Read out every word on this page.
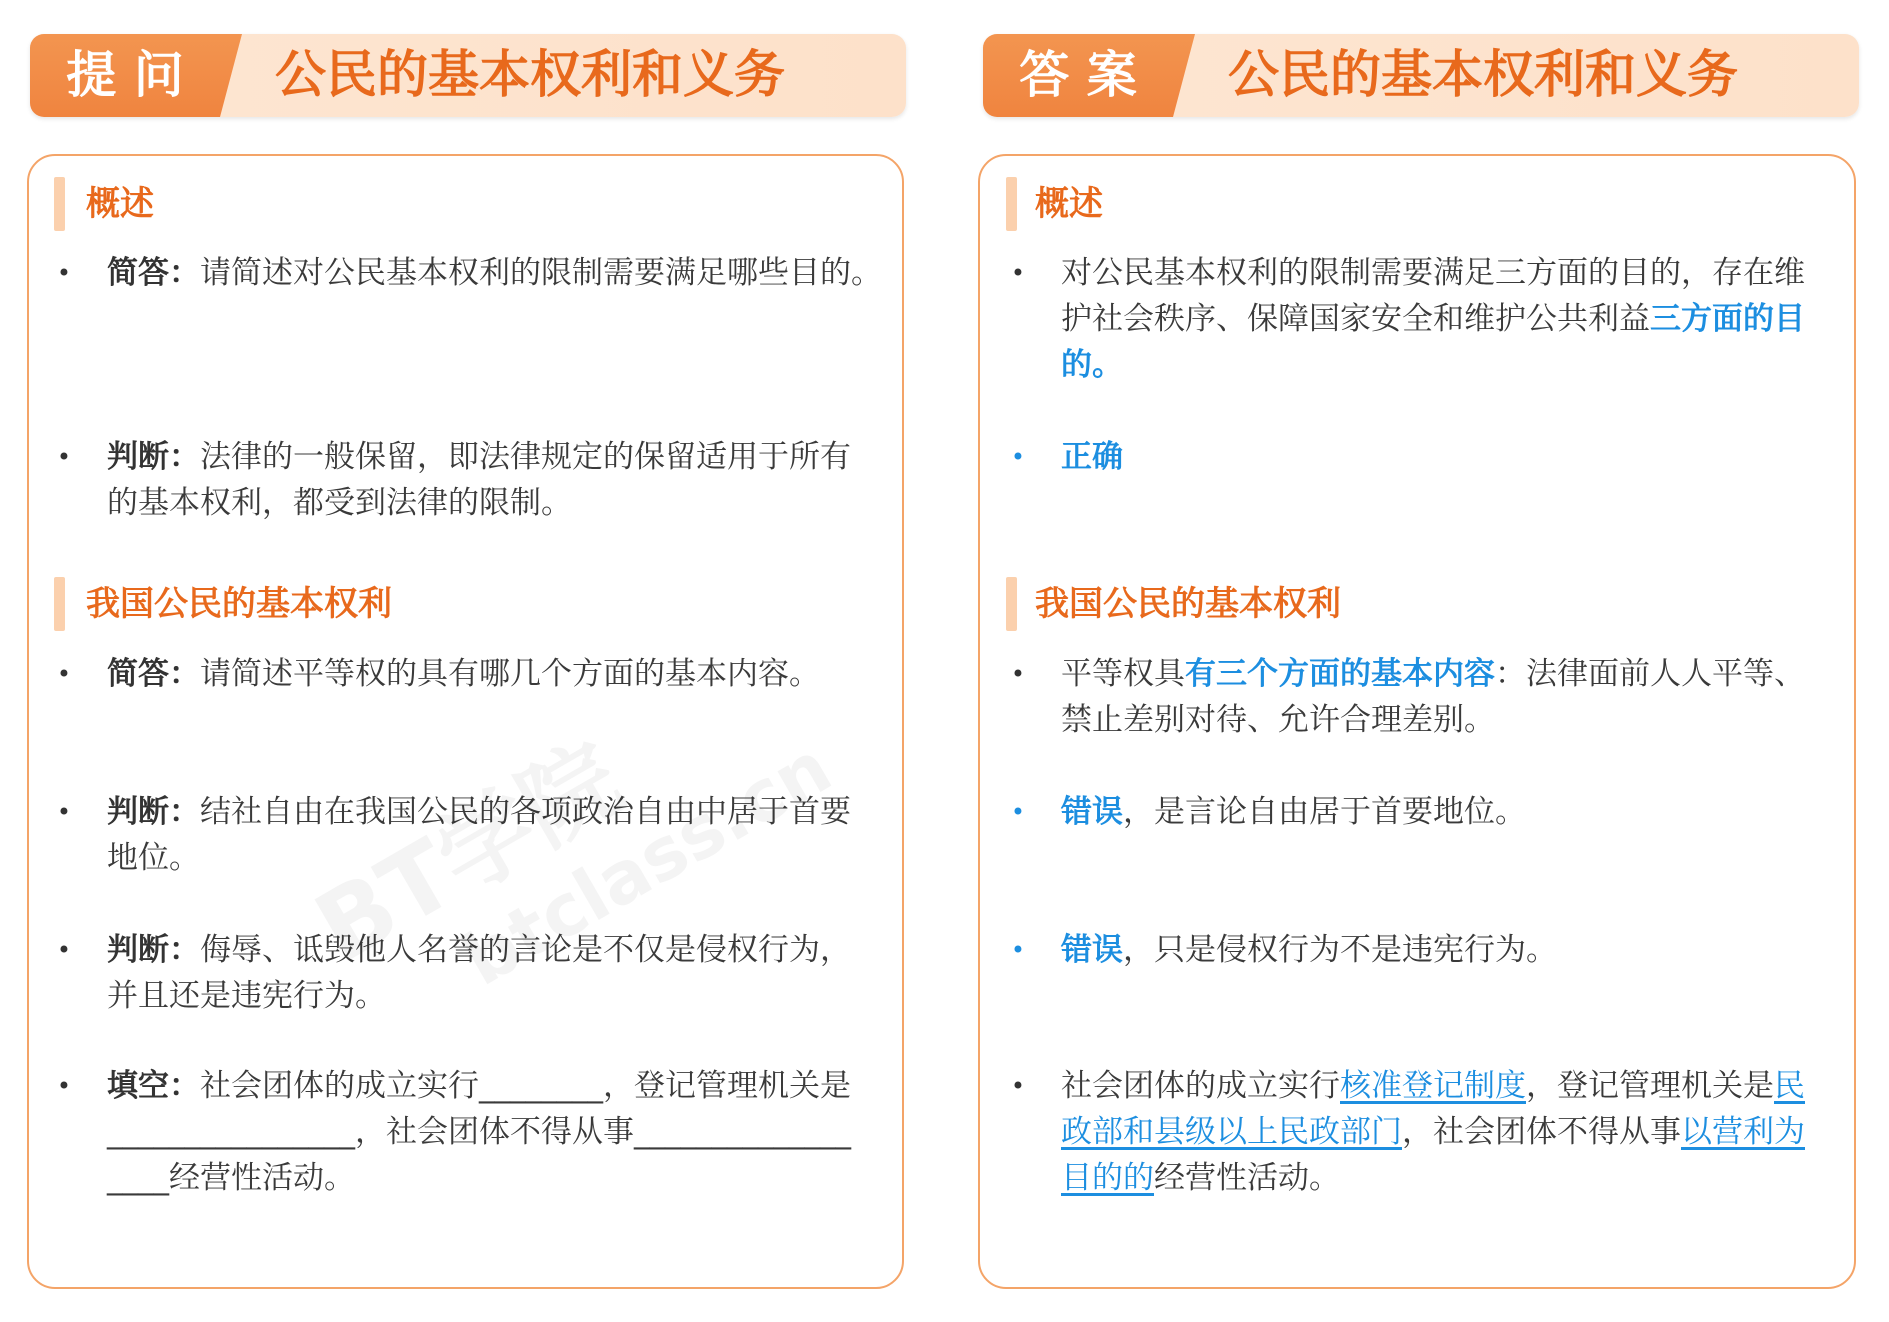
提 问	公民的基本权利和义务	答 案	公民的基本权利和义务
概述
• 简答：请简述对公民基本权利的限制需要满足哪些目的。
• 判断：法律的一般保留，即法律规定的保留适用于所有
的基本权利，都受到法律的限制。
我国公民的基本权利
• 简答：请简述平等权的具有哪几个方面的基本内容。
• 判断：结社自由在我国公民的各项政治自由中居于首要
地位。
• 判断：侮辱、诋毁他人名誉的言论是不仅是侵权行为，
并且还是违宪行为。
• 填空：社会团体的成立实行________，登记管理机关是
________________，社会团体不得从事______________
____经营性活动。
概述
• 对公民基本权利的限制需要满足三方面的目的，存在维
护社会秩序、保障国家安全和维护公共利益三方面的目
的。
• 正确
我国公民的基本权利
• 平等权具有三个方面的基本内容：法律面前人人平等、
禁止差别对待、允许合理差别。
• 错误，是言论自由居于首要地位。
• 错误，只是侵权行为不是违宪行为。
• 社会团体的成立实行核准登记制度，登记管理机关是民
政部和县级以上民政部门，社会团体不得从事以营利为
目的的经营性活动。
